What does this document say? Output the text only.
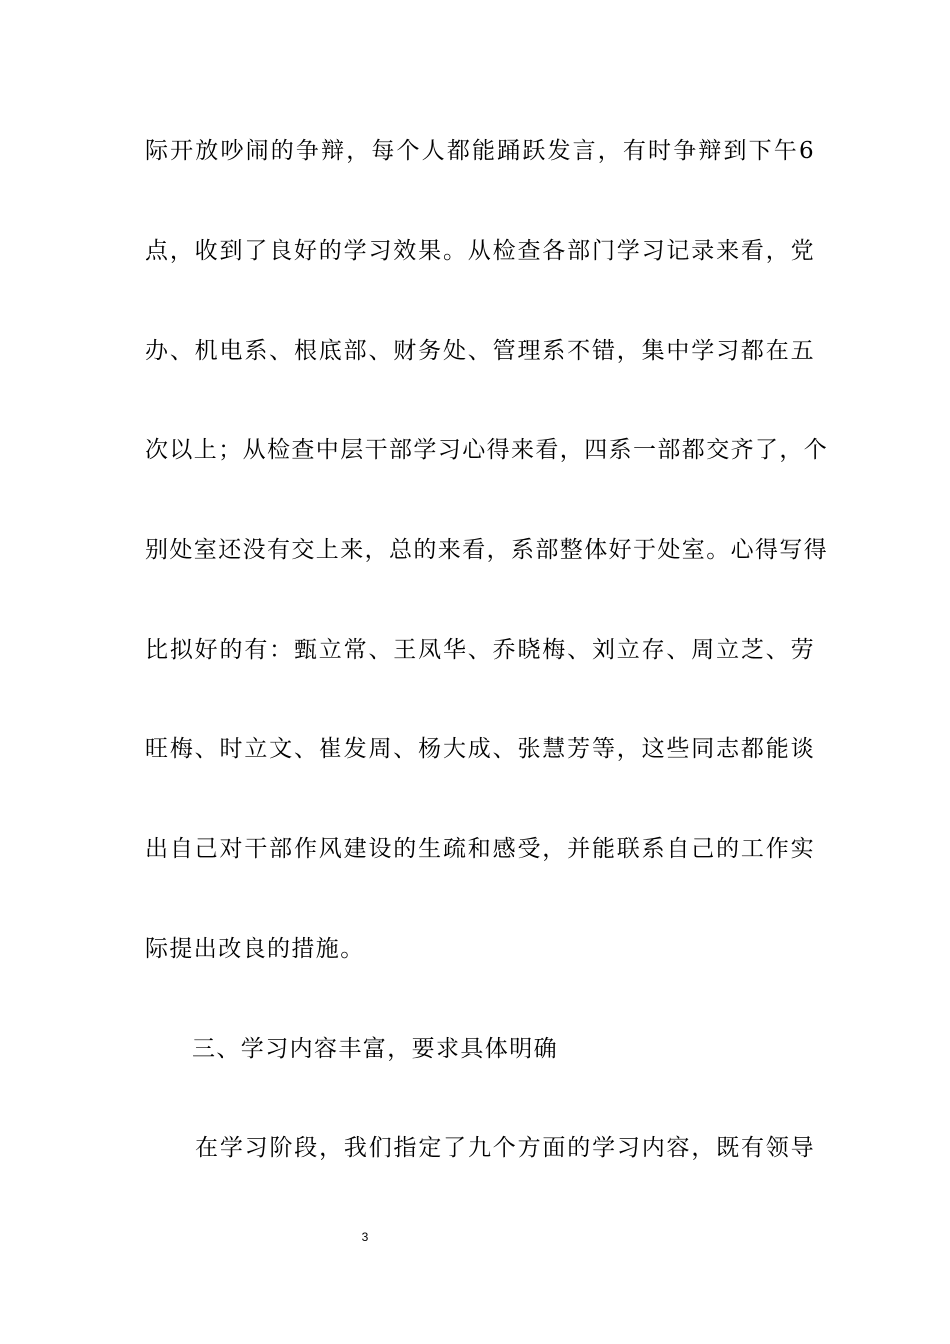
际开放吵闹的争辩，每个人都能踊跃发言，有时争辩到下午6
点，收到了良好的学习效果。从检查各部门学习记录来看，党
办、机电系、根底部、财务处、管理系不错，集中学习都在五
次以上；从检查中层干部学习心得来看，四系一部都交齐了，个
别处室还没有交上来，总的来看，系部整体好于处室。心得写得
比拟好的有：甄立常、王凤华、乔晓梅、刘立存、周立芝、劳
旺梅、时立文、崔发周、杨大成、张慧芳等，这些同志都能谈
出自己对干部作风建设的生疏和感受，并能联系自己的工作实
际提出改良的措施。
三、学习内容丰富，要求具体明确
在学习阶段，我们指定了九个方面的学习内容，既有领导
3
